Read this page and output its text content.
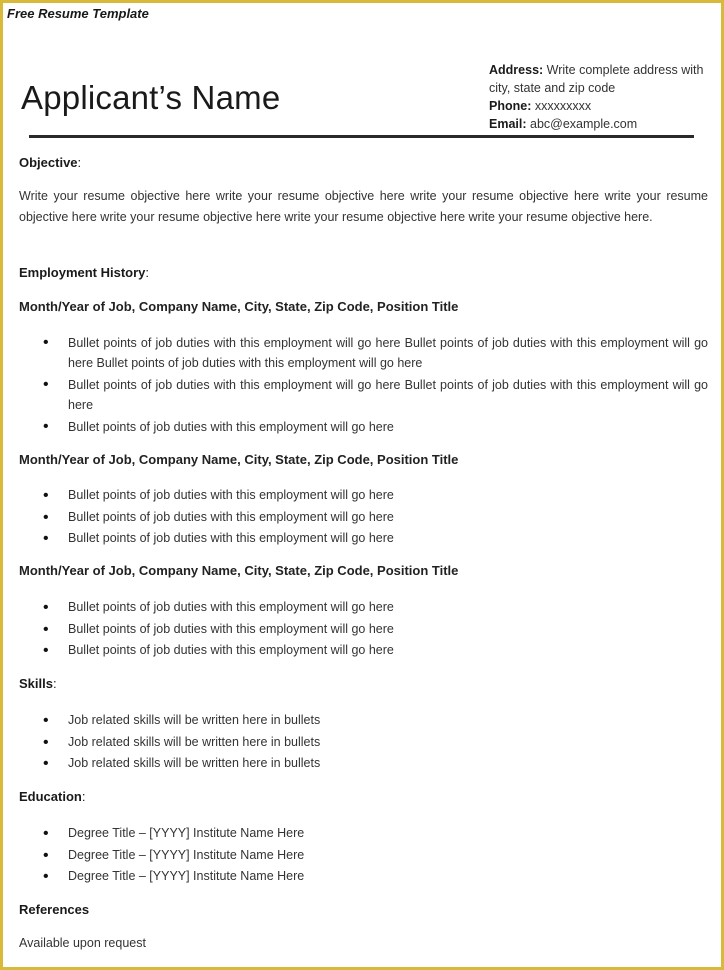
Free Resume Template
Applicant’s Name
Address: Write complete address with city, state and zip code
Phone: xxxxxxxxx
Email: abc@example.com
Objective:
Write your resume objective here write your resume objective here write your resume objective here write your resume objective here write your resume objective here write your resume objective here write your resume objective here.
Employment History:
Month/Year of Job, Company Name, City, State, Zip Code, Position Title
• Bullet points of job duties with this employment will go here Bullet points of job duties with this employment will go here Bullet points of job duties with this employment will go here
• Bullet points of job duties with this employment will go here Bullet points of job duties with this employment will go here
• Bullet points of job duties with this employment will go here
Month/Year of Job, Company Name, City, State, Zip Code, Position Title
• Bullet points of job duties with this employment will go here
• Bullet points of job duties with this employment will go here
• Bullet points of job duties with this employment will go here
Month/Year of Job, Company Name, City, State, Zip Code, Position Title
• Bullet points of job duties with this employment will go here
• Bullet points of job duties with this employment will go here
• Bullet points of job duties with this employment will go here
Skills:
• Job related skills will be written here in bullets
• Job related skills will be written here in bullets
• Job related skills will be written here in bullets
Education:
• Degree Title – [YYYY] Institute Name Here
• Degree Title – [YYYY] Institute Name Here
• Degree Title – [YYYY] Institute Name Here
References
Available upon request
